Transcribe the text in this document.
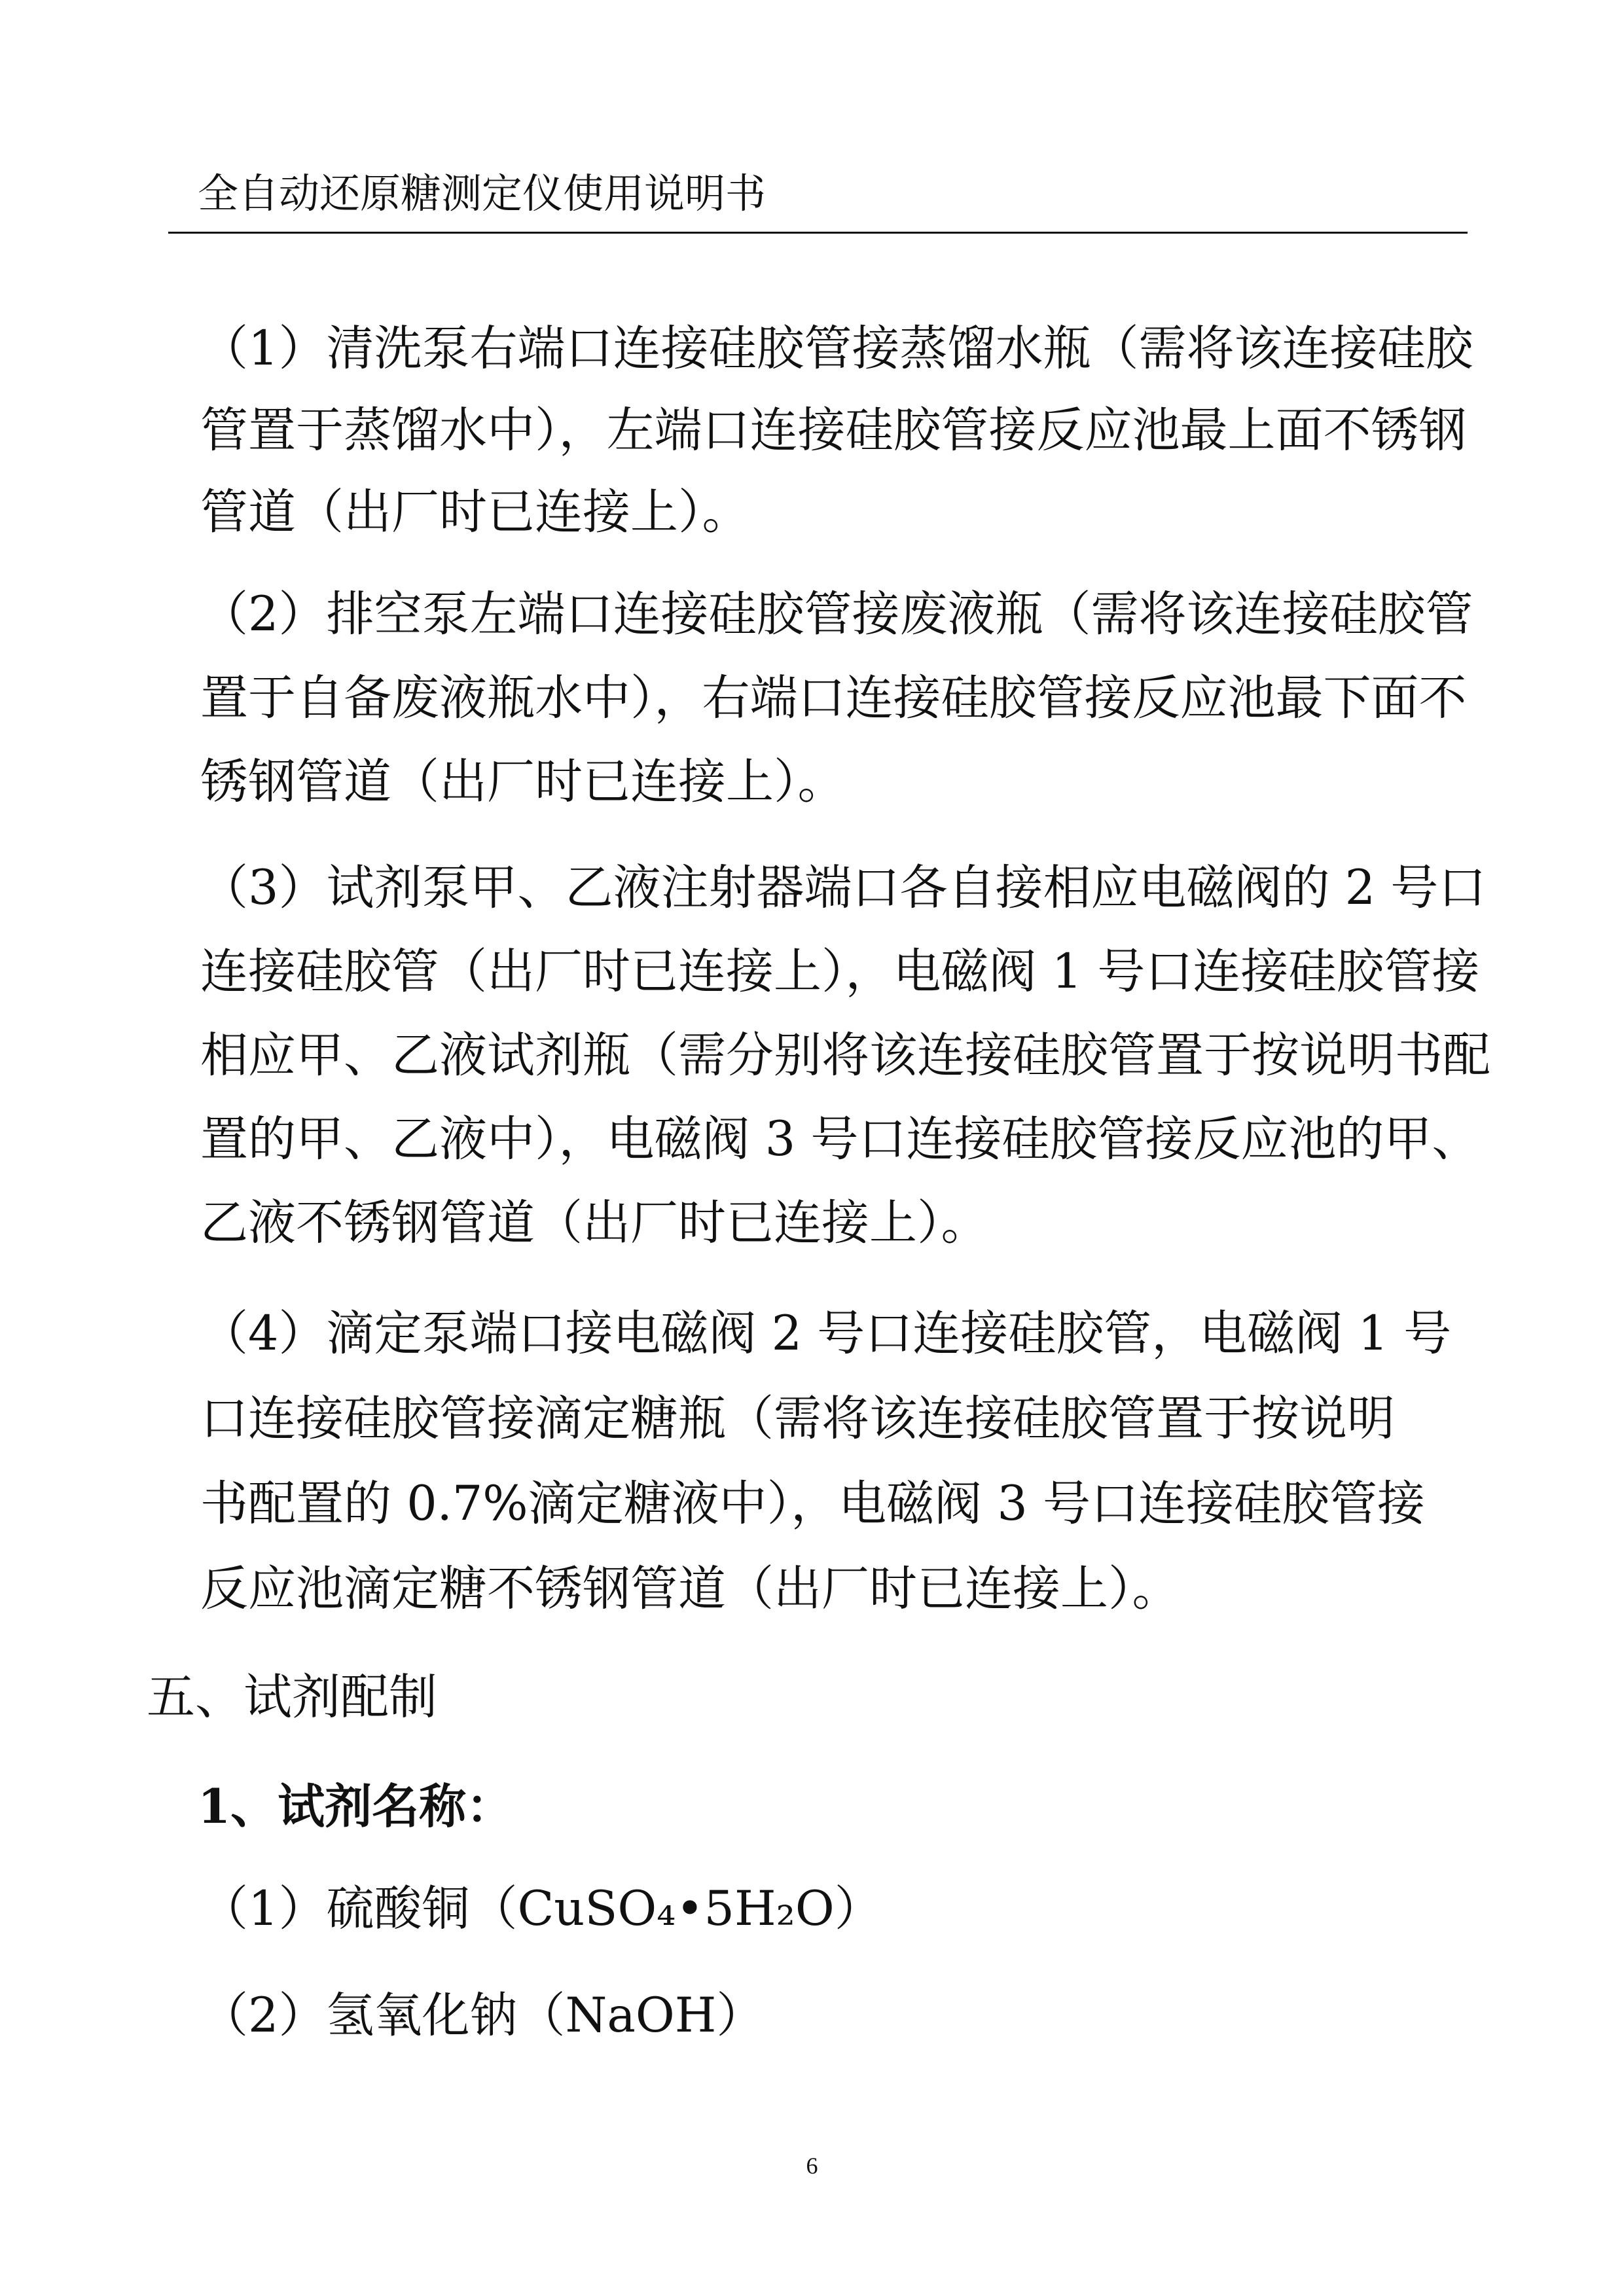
全自动还原糖测定仪使用说明书
（1）清洗泵右端口连接硅胶管接蒸馏水瓶（需将该连接硅胶
管置于蒸馏水中），左端口连接硅胶管接反应池最上面不锈钢
管道（出厂时已连接上）。
（2）排空泵左端口连接硅胶管接废液瓶（需将该连接硅胶管
置于自备废液瓶水中），右端口连接硅胶管接反应池最下面不
锈钢管道（出厂时已连接上）。
（3）试剂泵甲、乙液注射器端口各自接相应电磁阀的 2 号口
连接硅胶管（出厂时已连接上），电磁阀 1 号口连接硅胶管接
相应甲、乙液试剂瓶（需分别将该连接硅胶管置于按说明书配
置的甲、乙液中），电磁阀 3 号口连接硅胶管接反应池的甲、
乙液不锈钢管道（出厂时已连接上）。
（4）滴定泵端口接电磁阀 2 号口连接硅胶管，电磁阀 1 号
口连接硅胶管接滴定糖瓶（需将该连接硅胶管置于按说明
书配置的 0.7%滴定糖液中），电磁阀 3 号口连接硅胶管接
反应池滴定糖不锈钢管道（出厂时已连接上）。
五、试剂配制
1、试剂名称：
（1）硫酸铜（CuSO₄•5H₂O）
（2）氢氧化钠（NaOH）
6
